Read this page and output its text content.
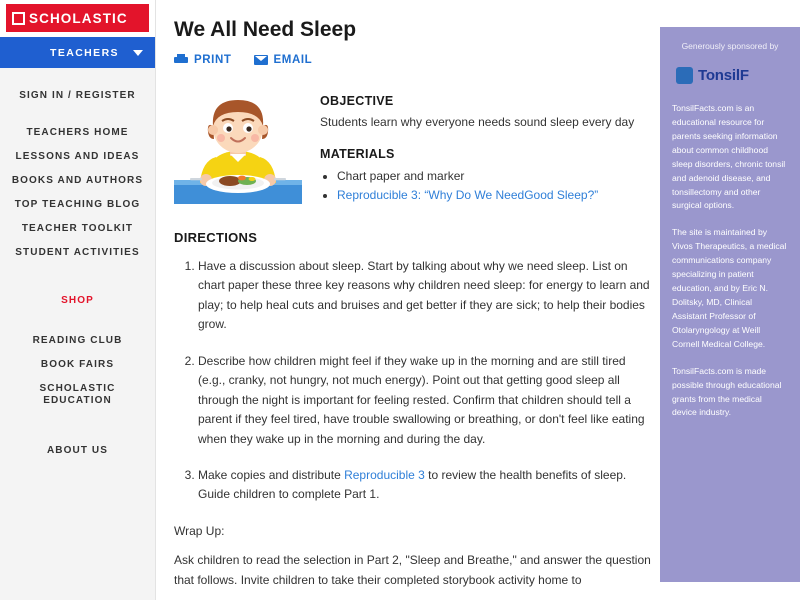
SCHOLASTIC
TEACHERS
SIGN IN / REGISTER
TEACHERS HOME
LESSONS AND IDEAS
BOOKS AND AUTHORS
TOP TEACHING BLOG
TEACHER TOOLKIT
STUDENT ACTIVITIES
SHOP
READING CLUB
BOOK FAIRS
SCHOLASTIC EDUCATION
ABOUT US
We All Need Sleep
PRINT	EMAIL
OBJECTIVE

Students learn why everyone needs sound sleep every day

MATERIALS
• Chart paper and marker
• Reproducible 3: “Why Do We NeedGood Sleep?”
DIRECTIONS
1. Have a discussion about sleep. Start by talking about why we need sleep. List on chart paper these three key reasons why children need sleep: for energy to learn and play; to help heal cuts and bruises and get better if they are sick; to help their bodies grow.
2. Describe how children might feel if they wake up in the morning and are still tired (e.g., cranky, not hungry, not much energy). Point out that getting good sleep all through the night is important for feeling rested. Confirm that children should tell a parent if they feel tired, have trouble swallowing or breathing, or don't feel like eating when they wake up in the morning and during the day.
3. Make copies and distribute Reproducible 3 to review the health benefits of sleep. Guide children to complete Part 1.

Wrap Up:

Ask children to read the selection in Part 2, "Sleep and Breathe," and answer the question that follows. Invite children to take their completed storybook activity home to

Generously sponsored by
TonsilF

TonsilFacts.com is an educational resource for parents seeking information about common childhood sleep disorders, chronic tonsil and adenoid disease, and tonsillectomy and other surgical options.

The site is maintained by Vivos Therapeutics, a medical communications company specializing in patient education, and by Eric N. Dolitsky, MD, Clinical Assistant Professor of Otolaryngology at Weill Cornell Medical College.

TonsilFacts.com is made possible through educational grants from the medical device industry.
